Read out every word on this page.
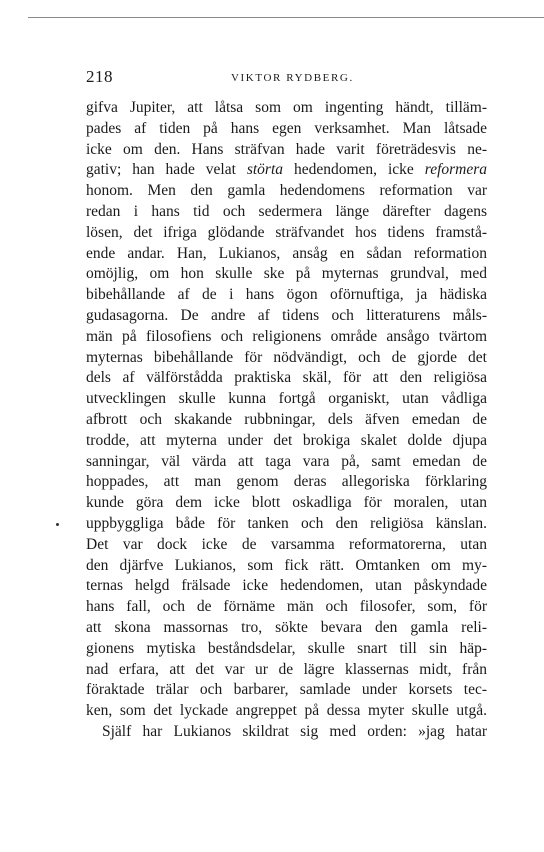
218	VIKTOR RYDBERG.
gifva Jupiter, att låtsa som om ingenting händt, tilläm-
pades af tiden på hans egen verksamhet. Man låtsade
icke om den. Hans sträfvan hade varit företrädesvis ne-
gativ; han hade velat störta hedendomen, icke reformera
honom. Men den gamla hedendomens reformation var
redan i hans tid och sedermera länge därefter dagens
lösen, det ifriga glödande sträfvandet hos tidens framstå-
ende andar. Han, Lukianos, ansåg en sådan reformation
omöjlig, om hon skulle ske på myternas grundval, med
bibehållande af de i hans ögon oförnuftiga, ja hädiska
gudasagorna. De andre af tidens och litteraturens måls-
män på filosofiens och religionens område ansågo tvärtom
myternas bibehållande för nödvändigt, och de gjorde det
dels af välförstådda praktiska skäl, för att den religiösa
utvecklingen skulle kunna fortgå organiskt, utan vådliga
afbrott och skakande rubbningar, dels äfven emedan de
trodde, att myterna under det brokiga skalet dolde djupa
sanningar, väl värda att taga vara på, samt emedan de
hoppades, att man genom deras allegoriska förklaring
kunde göra dem icke blott oskadliga för moralen, utan
uppbyggliga både för tanken och den religiösa känslan.
Det var dock icke de varsamma reformatorerna, utan
den djärfve Lukianos, som fick rätt. Omtanken om my-
ternas helgd frälsade icke hedendomen, utan påskyndade
hans fall, och de förnäme män och filosofer, som, för
att skona massornas tro, sökte bevara den gamla reli-
gionens mytiska beståndsdelar, skulle snart till sin häp-
nad erfara, att det var ur de lägre klassernas midt, från
föraktade trälar och barbarer, samlade under korsets tec-
ken, som det lyckade angreppet på dessa myter skulle utgå.
Själf har Lukianos skildrat sig med orden: »jag hatar
